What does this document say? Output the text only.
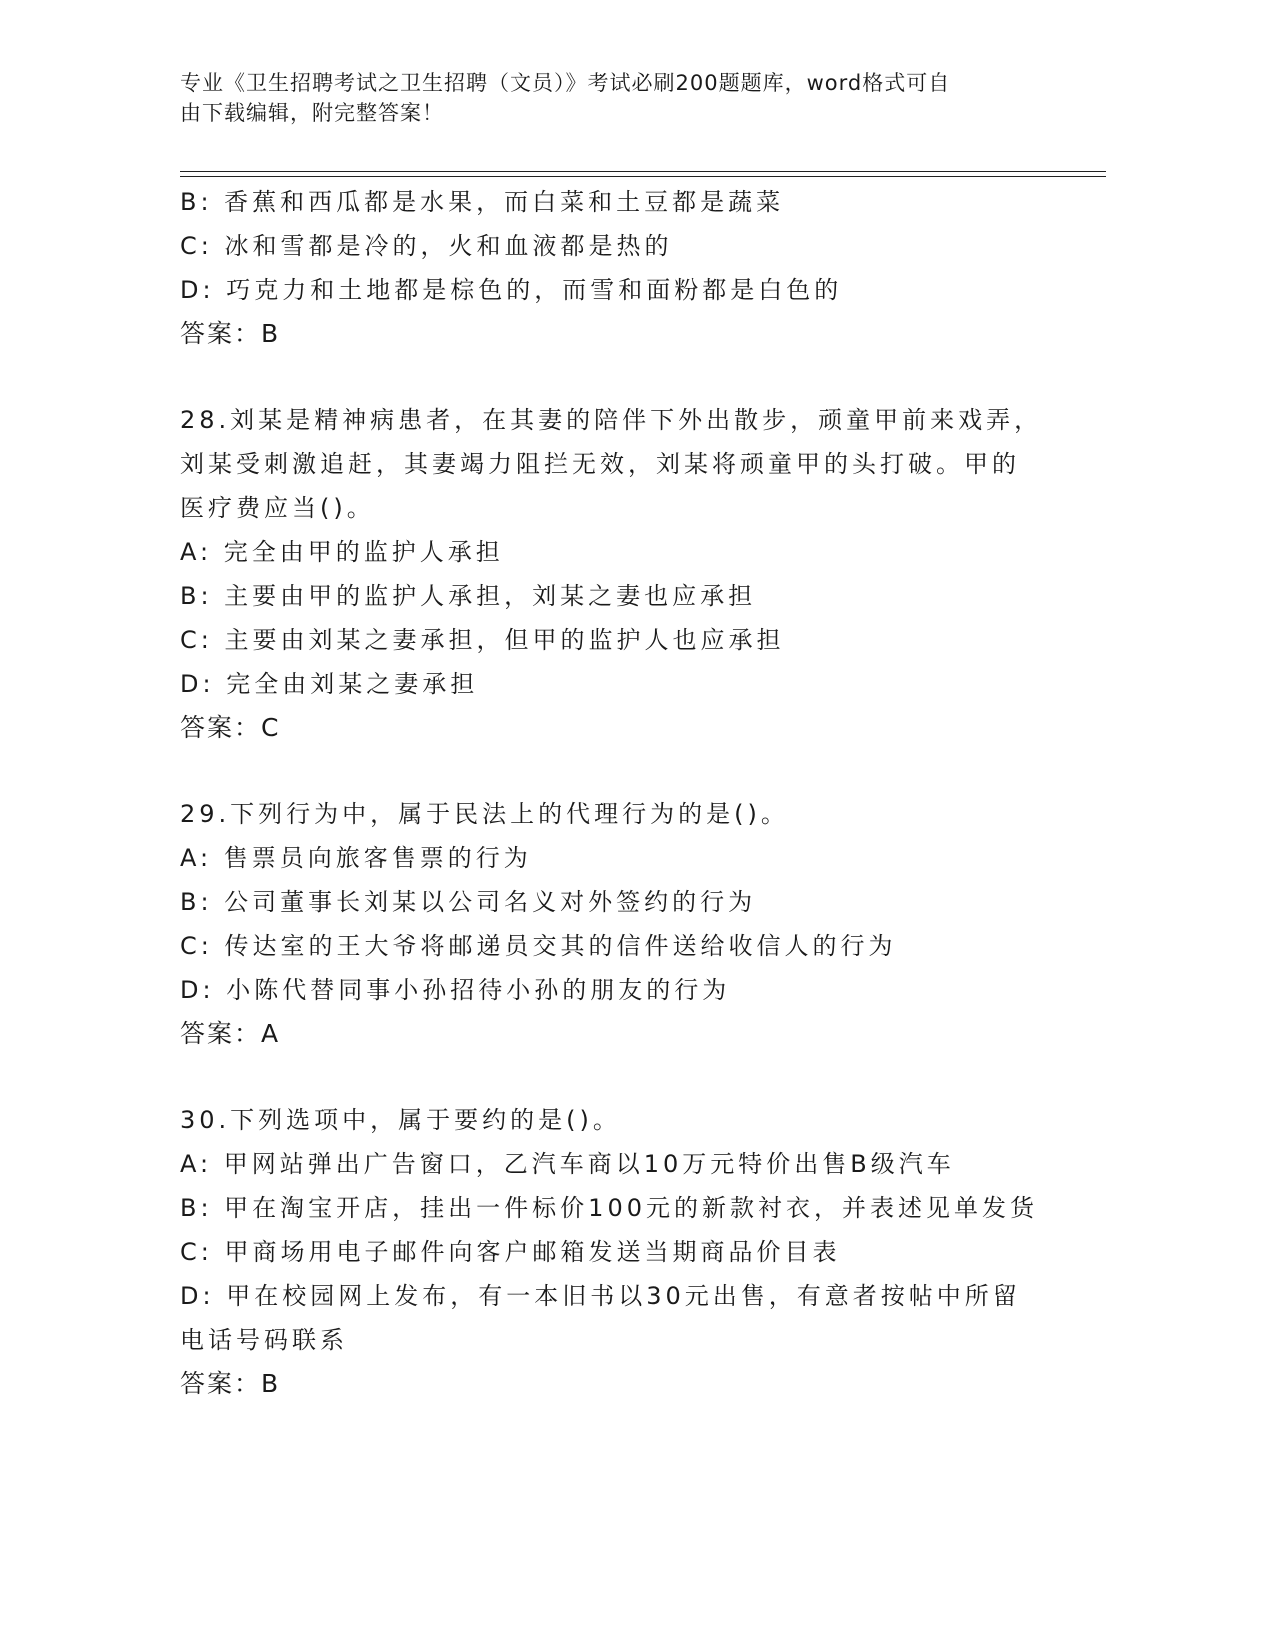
专业《卫生招聘考试之卫生招聘（文员）》考试必刷200题题库，word格式可自
由下载编辑，附完整答案！
B: 香蕉和西瓜都是水果，而白菜和土豆都是蔬菜
C: 冰和雪都是冷的，火和血液都是热的
D: 巧克力和土地都是棕色的，而雪和面粉都是白色的
答案：B
28.刘某是精神病患者，在其妻的陪伴下外出散步，顽童甲前来戏弄，
刘某受刺激追赶，其妻竭力阻拦无效，刘某将顽童甲的头打破。甲的
医疗费应当()。
A: 完全由甲的监护人承担
B: 主要由甲的监护人承担，刘某之妻也应承担
C: 主要由刘某之妻承担，但甲的监护人也应承担
D: 完全由刘某之妻承担
答案：C
29.下列行为中，属于民法上的代理行为的是()。
A: 售票员向旅客售票的行为
B: 公司董事长刘某以公司名义对外签约的行为
C: 传达室的王大爷将邮递员交其的信件送给收信人的行为
D: 小陈代替同事小孙招待小孙的朋友的行为
答案：A
30.下列选项中，属于要约的是()。
A: 甲网站弹出广告窗口，乙汽车商以10万元特价出售B级汽车
B: 甲在淘宝开店，挂出一件标价100元的新款衬衣，并表述见单发货
C: 甲商场用电子邮件向客户邮箱发送当期商品价目表
D: 甲在校园网上发布，有一本旧书以30元出售，有意者按帖中所留
电话号码联系
答案：B
